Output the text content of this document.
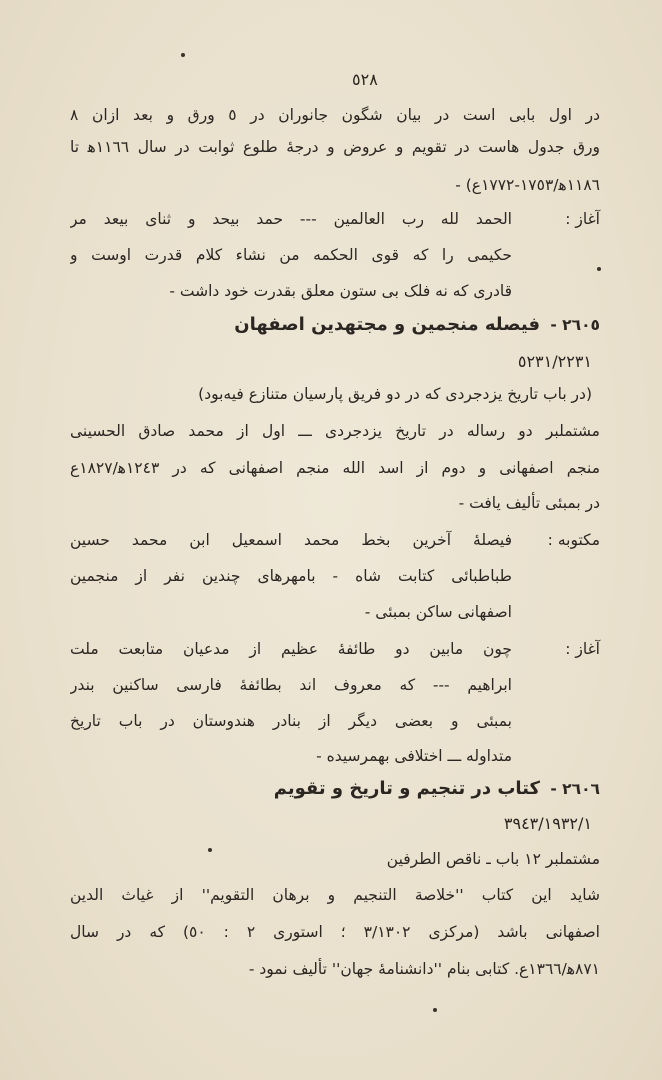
٥٢٨
در اول بابی است در بیان شگون جانوران در ٥ ورق و بعد ازان ٨
ورق جدول هاست در تقویم و عروض و درجهٔ طلوع ثوابت در سال ١١٦٦ﻫ تا
١١٨٦ﻫ/١٧٥٣-١٧٧٢ع) -
آغاز :
الحمد لله رب العالمین --- حمد بیحد و ثنای بیعد مر
حکیمی را که قوی الحکمه من نشاء کلام قدرت اوست و
قادری که نه فلک بی ستون معلق بقدرت خود داشت -
٢٦٠٥ -
فیصله منجمین و مجتهدین اصفهان
٥٢٣١/٢٢٣١
(در باب تاریخ یزدجردی که در دو فریق پارسیان متنازع فیه‌بود)
مشتملبر دو رساله در تاریخ یزدجردی ـــ اول از محمد صادق الحسینی
منجم اصفهانی و دوم از اسد الله منجم اصفهانی که در ١٢٤٣ﻫ/١٨٢٧ع
در بمبئی تألیف یافت -
مکتوبه :
فیصلهٔ آخرین بخط محمد اسمعیل ابن محمد حسین
طباطبائی کتابت شاه - بامهرهای چندین نفر از منجمین
اصفهانی ساکن بمبئی -
آغاز :
چون مابین دو طائفهٔ عظیم از مدعیان متابعت ملت
ابراهیم --- که معروف اند بطائفهٔ فارسی ساکنین بندر
بمبئی و بعضی دیگر از بنادر هندوستان در باب تاریخ
متداوله ـــ اختلافی بهمرسیده -
٢٦٠٦ -
کتاب در تنجیم و تاریخ و تقویم
٣٩٤٣/١٩٣٢/١
مشتملبر ١٢ باب ـ ناقص الطرفین
شاید این کتاب ''خلاصة التنجیم و برهان التقویم'' از غیاث الدین
اصفهانی باشد (مرکزی ٣/١٣٠٢ ؛ استوری ٢ : ٥٠) که در سال
٨٧١ﻫ/١٣٦٦ع. کتابی بنام ''دانشنامهٔ جهان'' تألیف نمود -
